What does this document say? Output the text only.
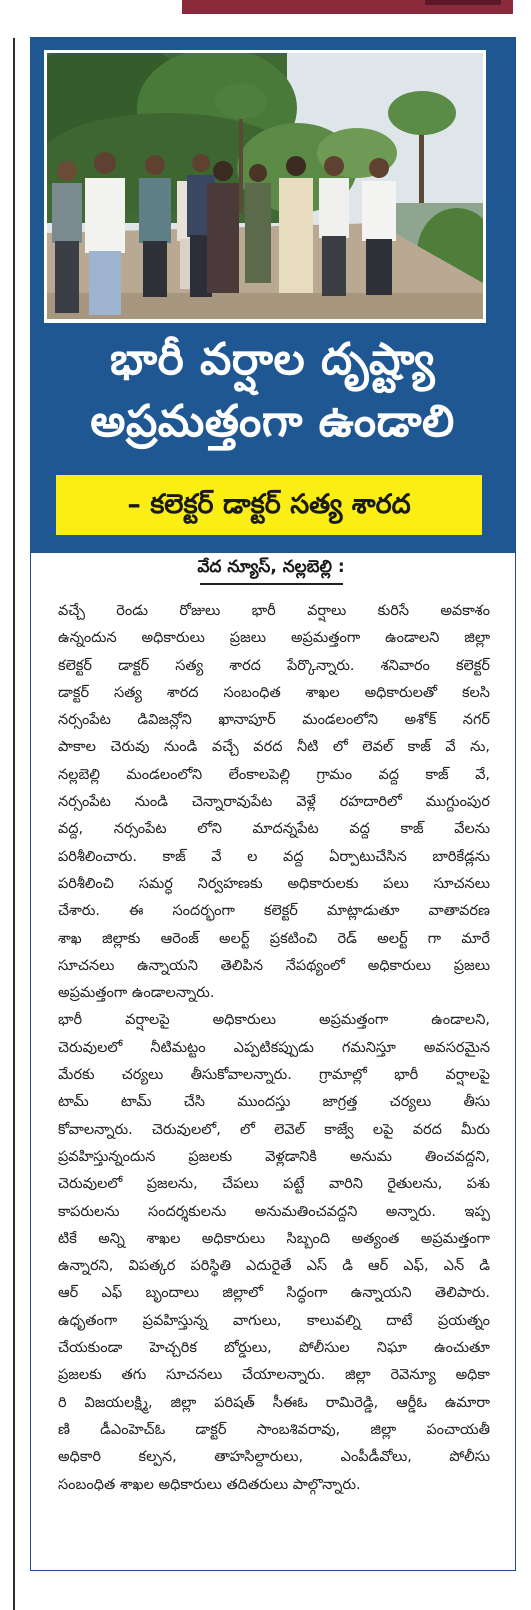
భారీ వర్షాల దృష్ట్యా
అప్రమత్తంగా ఉండాలి
– కలెక్టర్ డాక్టర్ సత్య శారద
వేద న్యూస్, నల్లబెల్లి :
వచ్చే రెండు రోజులు భారీ వర్షాలు కురిసే అవకాశం
ఉన్నందున అధికారులు ప్రజలు అప్రమత్తంగా ఉండాలని జిల్లా
కలెక్టర్ డాక్టర్ సత్య శారద పేర్కొన్నారు. శనివారం కలెక్టర్
డాక్టర్ సత్య శారద సంబంధిత శాఖల అధికారులతో కలసి
నర్సంపేట డివిజన్లోని ఖానాపూర్ మండలంలోని అశోక్ నగర్
పాకాల చెరువు నుండి వచ్చే వరద నీటి లో లెవల్ కాజ్ వే ను,
నల్లబెల్లి మండలంలోని లేంకాలపెల్లి గ్రామం వద్ద కాజ్ వే,
నర్సంపేట నుండి చెన్నారావుపేట వెళ్లే రహదారిలో ముగ్దుంపుర
వద్ద, నర్సంపేట లోని మాదన్నపేట వద్ద కాజ్ వేలను
పరిశీలించారు. కాజ్ వే ల వద్ద ఏర్పాటుచేసిన బారికేడ్లను
పరిశీలించి సమర్ధ నిర్వహణకు అధికారులకు పలు సూచనలు
చేశారు. ఈ సందర్భంగా కలెక్టర్ మాట్లాడుతూ వాతావరణ
శాఖ జిల్లాకు ఆరెంజ్ అలర్ట్ ప్రకటించి రెడ్ అలర్ట్ గా మారే
సూచనలు ఉన్నాయని తెలిపిన నేపథ్యంలో అధికారులు ప్రజలు
అప్రమత్తంగా ఉండాలన్నారు.
భారీ వర్షాలపై అధికారులు అప్రమత్తంగా ఉండాలని,
చెరువులలో నీటిమట్టం ఎప్పటికప్పుడు గమనిస్తూ అవసరమైన
మేరకు చర్యలు తీసుకోవాలన్నారు. గ్రామాల్లో భారీ వర్షాలపై
టామ్ టామ్ చేసి ముందస్తు జాగ్రత్త చర్యలు తీసు
కోవాలన్నారు. చెరువులలో, లో లెవెల్ కాజ్వే లపై వరద మీరు
ప్రవహిస్తున్నందున ప్రజలకు వెళ్లడానికి అనుమ తించవద్దని,
చెరువులలో ప్రజలను, చేపలు పట్టే వారిని రైతులను, పశు
కాపరులను సందర్శకులను అనుమతించవద్దని అన్నారు. ఇప్ప
టికే అన్ని శాఖల అధికారులు సిబ్బంది అత్యంత అప్రమత్తంగా
ఉన్నారని, విపత్కర పరిస్థితి ఎదురైతే ఎస్ డి ఆర్ ఎఫ్, ఎన్ డి
ఆర్ ఎఫ్ బృందాలు జిల్లాలో సిద్ధంగా ఉన్నాయని తెలిపారు.
ఉధృతంగా ప్రవహిస్తున్న వాగులు, కాలువల్ని దాటే ప్రయత్నం
చేయకుండా హెచ్చరిక బోర్డులు, పోలీసుల నిఘా ఉంచుతూ
ప్రజలకు తగు సూచనలు చేయాలన్నారు. జిల్లా రెవెన్యూ అధికా
రి విజయలక్ష్మి, జిల్లా పరిషత్ సీఈఓ రామిరెడ్డి, ఆర్డీఓ ఉమారా
ణి డీఎంహెచ్ఓ డాక్టర్ సాంబశివరావు, జిల్లా పంచాయతీ
అధికారి కల్పన, తాహసిల్దారులు, ఎంపీడీవోలు, పోలీసు
సంబంధిత శాఖల అధికారులు తదితరులు పాల్గొన్నారు.
